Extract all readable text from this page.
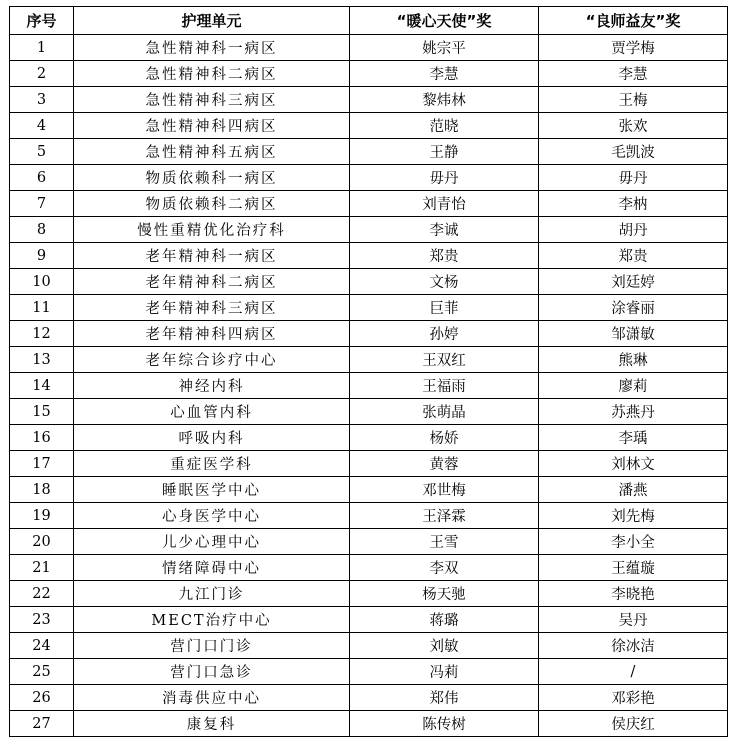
序号	护理单元	“暖心天使”奖	“良师益友”奖
1	急性精神科一病区	姚宗平	贾学梅
2	急性精神科二病区	李慧	李慧
3	急性精神科三病区	黎炜林	王梅
4	急性精神科四病区	范晓	张欢
5	急性精神科五病区	王静	毛凯波
6	物质依赖科一病区	毋丹	毋丹
7	物质依赖科二病区	刘青怡	李枘
8	慢性重精优化治疗科	李诚	胡丹
9	老年精神科一病区	郑贵	郑贵
10	老年精神科二病区	文杨	刘廷婷
11	老年精神科三病区	巨菲	涂睿丽
12	老年精神科四病区	孙婷	邹潇敏
13	老年综合诊疗中心	王双红	熊琳
14	神经内科	王福雨	廖莉
15	心血管内科	张萌晶	苏燕丹
16	呼吸内科	杨娇	李瑀
17	重症医学科	黄蓉	刘林文
18	睡眠医学中心	邓世梅	潘燕
19	心身医学中心	王泽霖	刘先梅
20	儿少心理中心	王雪	李小全
21	情绪障碍中心	李双	王蕴璇
22	九江门诊	杨天驰	李晓艳
23	MECT治疗中心	蒋璐	吴丹
24	营门口门诊	刘敏	徐冰洁
25	营门口急诊	冯莉	/
26	消毒供应中心	郑伟	邓彩艳
27	康复科	陈传树	侯庆红
